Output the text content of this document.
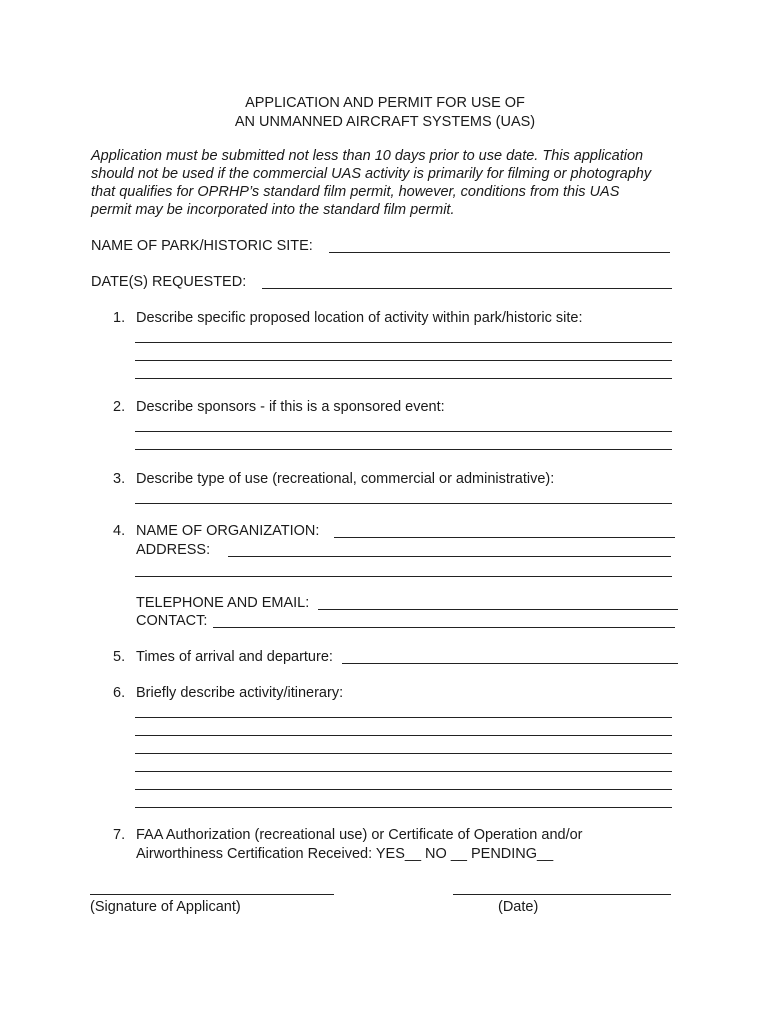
APPLICATION AND PERMIT FOR USE OF
AN UNMANNED AIRCRAFT SYSTEMS (UAS)
Application must be submitted not less than 10 days prior to use date. This application
should not be used if the commercial UAS activity is primarily for filming or photography
that qualifies for OPRHP’s standard film permit, however, conditions from this UAS
permit may be incorporated into the standard film permit.
NAME OF PARK/HISTORIC SITE:
DATE(S) REQUESTED:
1. Describe specific proposed location of activity within park/historic site:
2. Describe sponsors - if this is a sponsored event:
3. Describe type of use (recreational, commercial or administrative):
4. NAME OF ORGANIZATION:
ADDRESS:
TELEPHONE AND EMAIL:
CONTACT:
5. Times of arrival and departure:
6. Briefly describe activity/itinerary:
7. FAA Authorization (recreational use) or Certificate of Operation and/or
Airworthiness Certification Received: YES__ NO __ PENDING__
(Signature of Applicant)	(Date)
